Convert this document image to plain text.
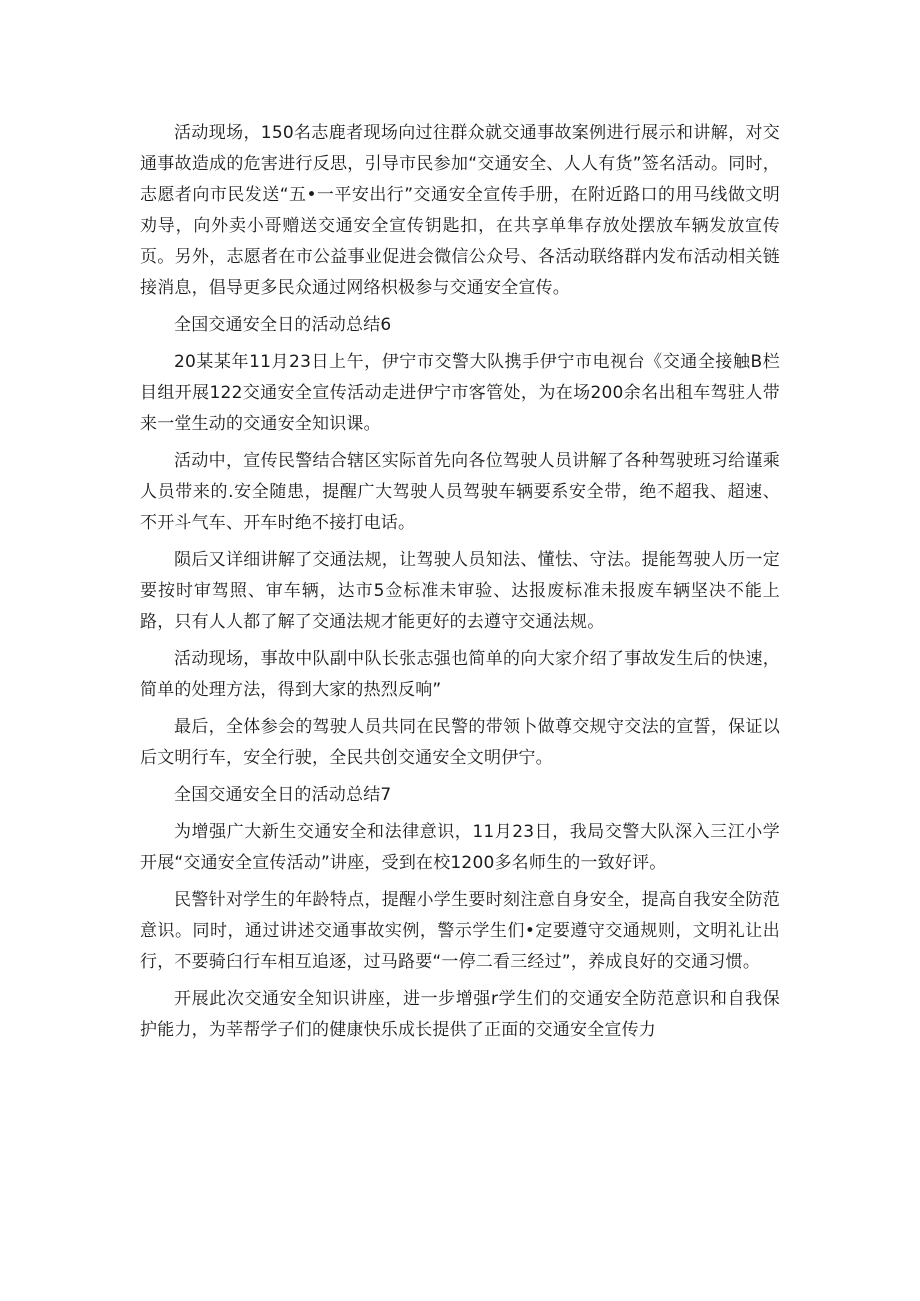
活动现场，150名志鹿者现场向过往群众就交通事故案例进行展示和讲解，对交通事故造成的危害进行反思，引导市民参加“交通安全、人人有货”签名活动。同时，志愿者向市民发送“五•一平安出行”交通安全宣传手册，在附近路口的用马线做文明劝导，向外卖小哥赠送交通安全宣传钥匙扣，在共享单隼存放处摆放车辆发放宣传页。另外，志愿者在市公益事业促进会微信公众号、各活动联络群内发布活动相关链接消息，倡导更多民众通过网络枳极参与交通安全宣传。

全国交通安全日的活动总结6

20某某年11月23日上午，伊宁市交警大队携手伊宁市电视台《交通全接触B栏目组开展122交通安全宣传活动走进伊宁市客管处，为在场200余名出租车驾驻人带来一堂生动的交通安全知识课。

活动中，宣传民警结合辖区实际首先向各位驾驶人员讲解了各种驾驶班习给谨乘人员带来的.安全随患，提醒广大驾驶人员驾驶车辆要系安全带，绝不超我、超速、不开斗气车、开车时绝不接打电话。

陨后又详细讲解了交通法规，让驾驶人员知法、懂怯、守法。提能驾驶人历一定要按时审驾照、审车辆，达市5佥标准未审验、达报废标准未报废车辆坚决不能上路，只有人人都了解了交通法规才能更好的去遵守交通法规。

活动现场，事故中队副中队长张志强也简单的向大家介绍了事故发生后的快速，简单的处理方法，得到大家的热烈反响”

最后，全体参会的驾驶人员共同在民警的带领卜做尊交规守交法的宣誓，保证以后文明行车，安全行驶，全民共创交通安全文明伊宁。

全国交通安全日的活动总结7

为增强广大新生交通安全和法律意识，11月23日，我局交警大队深入三江小学开展“交通安全宣传活动”讲座，受到在校1200多名师生的一致好评。

民警针对学生的年龄特点，提醒小学生要时刻注意自身安全，提高自我安全防范意识。同时，通过讲述交通事故实例，警示学生们•定要遵守交通规则，文明礼让出行，不要骑臼行车相互追逐，过马路要“一停二看三经过”，养成良好的交通习惯。

开展此次交通安全知识讲座，进一步增强r学生们的交通安全防范意识和自我保护能力，为莘帮学子们的健康快乐成长提供了正面的交通安全宣传力
